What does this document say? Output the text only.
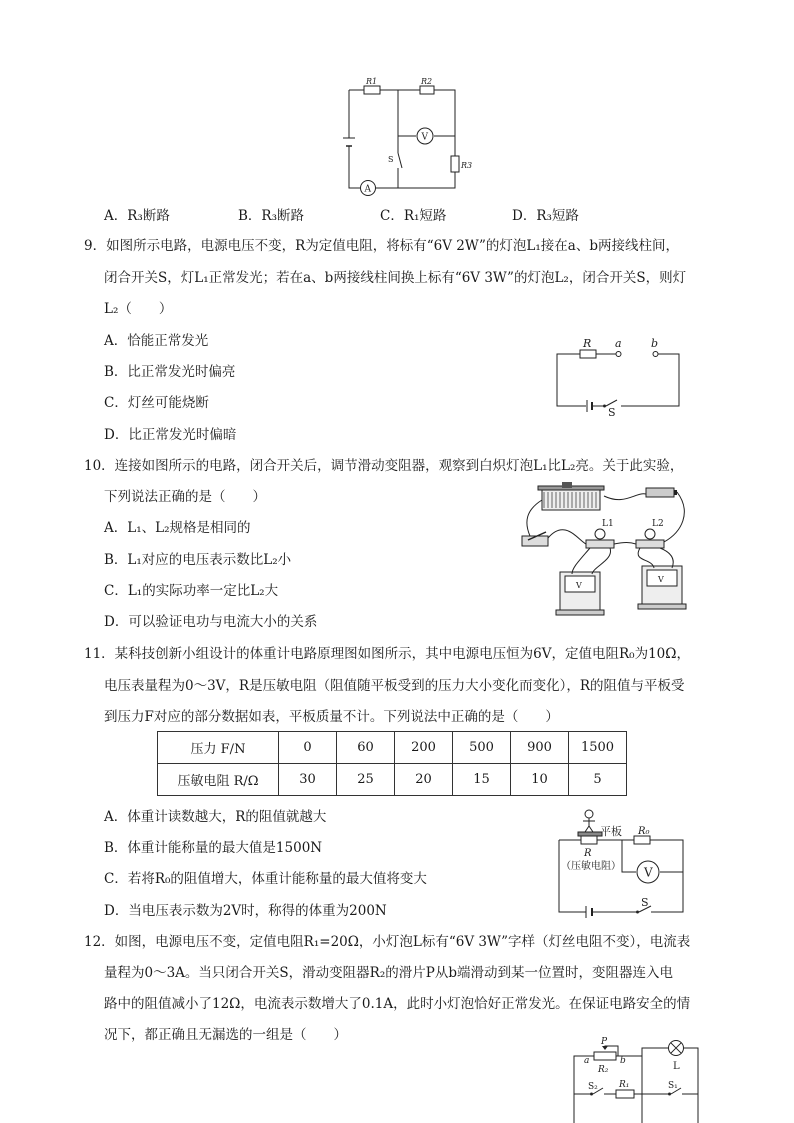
V
A
R1	R2
S
R3
A．R₃断路	B．R₃断路	C．R₁短路	D．R₃短路
9．如图所示电路，电源电压不变，R为定值电阻，将标有“6V 2W”的灯泡L₁接在a、b两接线柱间，
闭合开关S，灯L₁正常发光；若在a、b两接线柱间换上标有“6V 3W”的灯泡L₂，闭合开关S，则灯
L₂（　　）
A．恰能正常发光
B．比正常发光时偏亮
C．灯丝可能烧断
D．比正常发光时偏暗
R a	b
S
10．连接如图所示的电路，闭合开关后，调节滑动变阻器，观察到白炽灯泡L₁比L₂亮。关于此实验，
下列说法正确的是（　　）
A．L₁、L₂规格是相同的
B．L₁对应的电压表示数比L₂小
C．L₁的实际功率一定比L₂大
D．可以验证电功与电流大小的关系
L1	L2
V
V
11．某科技创新小组设计的体重计电路原理图如图所示，其中电源电压恒为6V，定值电阻R₀为10Ω，
电压表量程为0～3V，R是压敏电阻（阻值随平板受到的压力大小变化而变化），R的阻值与平板受
到压力F对应的部分数据如表，平板质量不计。下列说法中正确的是（　　）
压力 F/N	0	60	200	500	900	1500
压敏电阻 R/Ω	30	25	20	15	10	5
A．体重计读数越大，R的阻值就越大
B．体重计能称量的最大值是1500N
C．若将R₀的阻值增大，体重计能称量的最大值将变大
D．当电压表示数为2V时，称得的体重为200N
平板 R₀
R
（压敏电阻） V
S
12．如图，电源电压不变，定值电阻R₁=20Ω，小灯泡L标有“6V 3W”字样（灯丝电阻不变），电流表
量程为0～3A。当只闭合开关S，滑动变阻器R₂的滑片P从b端滑动到某一位置时，变阻器连入电
路中的阻值减小了12Ω，电流表示数增大了0.1A，此时小灯泡恰好正常发光。在保证电路安全的情
况下，都正确且无漏选的一组是（　　）
L
P
a
R₂
b
S₂ R₁	S₁
